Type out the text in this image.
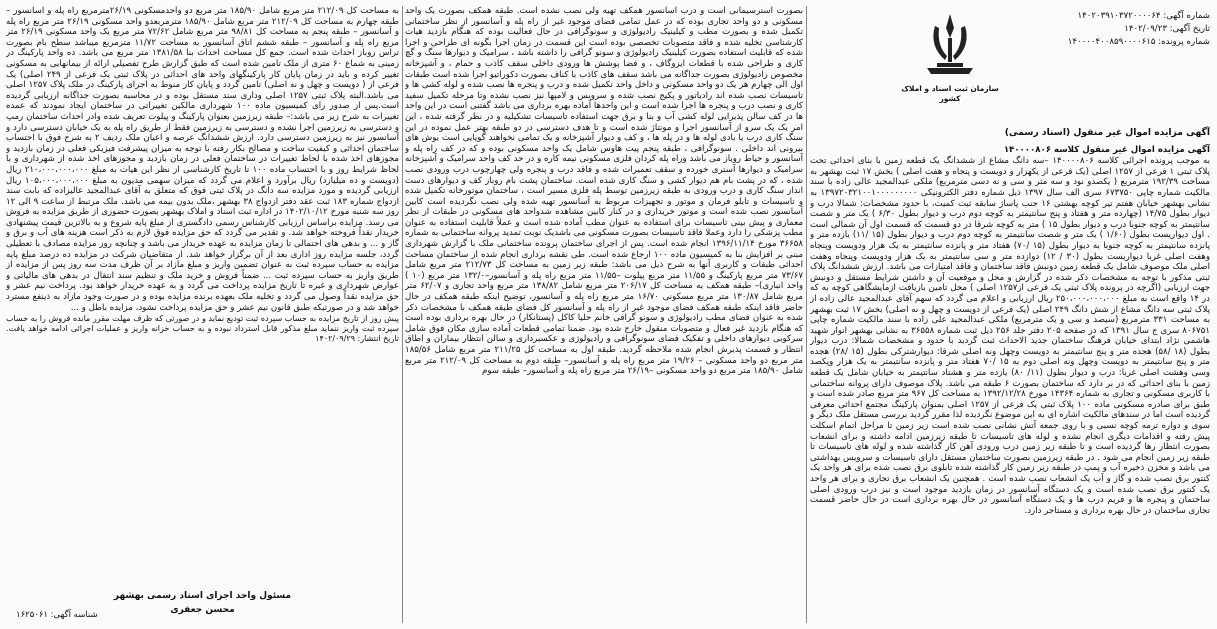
شماره آگهی: ۱۴۰۲۰۳۹۱۰۳۷۲۰۰۰۰۶۴
تاریخ آگهی: ۱۴۰۲/۰۹/۲۳
شماره پرونده: ۱۴۰۰۰۰۴۰۰۸۵۹۰۰۰۰۶۱۵
سازمان ثبت اسناد و املاک کشور
آگهی مزایده اموال غیر منقول (اسناد رسمی)

آگهی مزایده اموال غیر منقول کلاسه ۱۴۰۰۰۰۸۰۶

به موجب پرونده اجرائی کلاسه ۱۴۰۰۰۰۸۰۶ –سه دانگ مشاع از ششدانگ یک قطعه زمین با بنای احداثی تحت پلاک ثبتی ۱ فرعی از ۱۲۵۷ اصلی (یک فرعی از یکهزار و دویست و پنجاه و هفت اصلی ) بخش ۱۷ ثبت بهشهر به مساحت ۱۹۲/۳۹ مترمربع ( یکصدو نود و سه متر و سی و نه دسی مترمربع) ملکی عبدالمجید عالی زاده با سند مالکیت شماره چاپی ۶۷۳۷۵۰ سری الف سال ۱۳۹۷ ذیل شماره دفتر الکترونیکی ۱۳۹۷۲۰۳۲۱۰۰۱۰۰۰۰۰۰۰۰۰ به نشانی بهشهر خیابان هفتم تیر کوچه بهشتی ۱۶ جنب پاساژ سابقه ثبت کمیت، با حدود مشخصات: شمالا درب و دیوار بطول ۱۴/۷۵ (چهارده متر و هفتاد و پنج سانتیمتر به کوچه دوم درب و دیوار بطول ۶/۳۰ ) یک متر و شصت سانتیمتر به کوچه جنوبا درب و دیوار بطول ۱۵ ) متر به کوچه شرقا در دو قسمت که قسمت اول آن شمالی است . اول دیواریست بطول (۱/۶۰ ) یک متر و شصت سانتیمتر به کوچه دوم درب و دیوار بطول (۱۵ /۱۱) یازده متر و پانزده سانتیمتر به کوچه جنوبا به دیوار بطول (۱۵ /۷۰) هفتاد متر و پانزده سانتیمتر به یک هزار ودویست وپنجاه وهفت اصلی غربا دیواریست بطول (۳۰ / ۱۲) دوازده متر و سی سانتیمتر به یک هزار ودویست وپنجاه وهفت اصلی ملک موصوف شامل یک قطعه زمین دونبش فاقد ساختمان و فاقد امتیازات می باشد. ارزش ششدانگ پلاک ثبتی مذکور با توجه به مشخصات ذکر شده در گزارش و محل و موقعیت آن و داشتن شرایط مستقل و دونبش جهت ارزیابی (اگرچه در پرونده پلاک ثبتی یک فرعی از۱۲۵۷ اصلی ) محل تامین بازیافت ازمایشگاهی کوچه به که در ۱۴ واقع است به مبلغ ۲۵۰،۰۰۰،۰۰۰،۰۰۰ ریال ارزیابی و اعلام می گردد که سهم آقای عبدالمجید عالی زاده از پلاک ثبتی سه دانگ مشاع از شش دانگ ۲۴۹ اصلی (یک فرعی از دویست و چهل و نه اصلی) بخش ۱۷ ثبت بهشهر به مساحت ۳۳۱ مترمربع (سیصد و سی و یک مترمربع) ملکی عبدالمجید علی زاده با سند مالکیت شماره چاپی ۸۰۶۷۵۱ سری ج سال ۱۳۹۱ که در صفحه ۲۰۵ دفتر جلد ۲۵۶ ذیل ثبت شماره ۳۶۵۵۸ به نشانی بهشهر انوار شهید هاشمی نژاد ابتدای خیابان فرهنگ ساختمان جدید الاحداث ثبت گردید با حدود و مشخصات شمالا: درب دیوار بطول (۱۸ /۵۸) هجده متر و پنج سانتیمتر به دویست وچهل ونه اصلی شرقا: دیوارشترکی بطول (۱۵ /۲۸) هجده متر و پنج سانتیمتر به دویست وچهل ونه اصلی دوم به ۱۵ /۷۰ هفتاد متر و پانزده سانتیمتر به یک هزار وپکصد وسی وهشت اصلی غربا: درب و دیوار بطول (۱۱/ ۸۰) یازده متر و هشتاد سانتیمتر به خیابان شامل یک قطعه زمین با بنای احداثی که در بر دارد که ساختمان بصورت ۶ طبقه می باشد. پلاک موصوف دارای پروانه ساختمانی با کاربری مسکونی و تجاری به شماره ۱۴۳۶۴ مورخ ۱۳۹۲/۱۲/۲۸ به مساحت کل ۹۶۷ متر مربع صادر شده است و طبق برای صادره مسکونی ماده ۱۰۰ پلاک ثبتی یک فرعی از ۱۲۵۷ اصلی بمنوان پارکینگ مجتمع احداثی معرفی گردیده است اما در سندهای مالکیت اشاره ای به این موضوع نگردیده لذا مقرر گردید بررسی مستقل ملک دیگر و سوی و دواره ترمه کوچه نسبی و با روی جمعه آتش نشانی نصب شده است زیر زمین تا مراحل اتمام اسکلت پیش رفته و اقدامات دیگری انجام نشده و لوله های تاسیسات تا طبقه زیرزمین ادامه داشته و برای انشعاب بصورت انتظار رها گردیده است و تا طبقه زیر زمین درب ورودی آهن کار گذاشته شده و لوله های تاسیسات تا طبقه زیر زمین انجام می شود . در طبقه زیرزمین بصورت ساختمان مستقل دارای تاسیسات و سرویس بهداشتی می باشد و مخزن ذخیره آب و پمپ در طبقه زیر زمین کار گذاشته شده تابلوی برق نصب شده برای هر واحد یک کنتور برق نصب شده و گاز و آب یک انشعاب نصب شده است . همچنین یک انشعاب برق تجاری و برای هر واحد یک کنتور برق نصب شده است و یک دستگاه آسانسور در زمان بازدید موجود است و نیز درب ورودی اصلی ساختمان و پنجره ها و فریم درب ها و یک دستگاه آسانسور در حال بهره برداری است در حال حاضر قسمت تجاری ساختمان در حال بهره برداری و مستاجر دارد.

بصورت آسترسیمانی است و درب آسانسور همکف تهیه ولی نصب نشده است. طبقه همکف بصورت یک واحد مسکونی و دو واحد تجاری بوده که در عمل تمامی فضای موجود غیر از راه پله و آسانسور از نظر ساختمانی تکمیل شده و بصورت مطب و کیلینیک رادیولوژی و سونوگرافی در حال فعالیت بوده که هنگام بازدید هیات کارشناسی تخلیه شده و فاقد متصوبات تخصصی بوده است این قسمت در زمان اجرا بگونه ای طراحی و اجرا شده که قابلیت استفاده بصورت کیلینیک رادیولوژی و سونو گرافی را داشته باشد ، سرامیک و دیوارها سنگ و گچ کاری و طراحی شده با قطعات ایزوگاف ، و فضا پوشش ها ورودی داخلی سقف کاذب و حمام ، و آشپزخانه مخصوص رادیولوژی بصورت جداگانه می باشد سقف های کاذب با کناف بصورت دکوراتیو اجرا شده است طبقات اول الی چهارم هر یک دو واحد مسکونی و داخل واحد تکمیل شده و درب و پنجره ها نصب شده و لوله کشی ها و تاسیسات نصب شده اند رادیاتور و پکیج نصب شده و سرویس و لامپها نیز نصب نشده وتا مرحله تکمیل سفید کاری و نصب درب و پنجره ها اجرا شده است و این واحدها آماده بهره برداری می باشد گفتنی است در این واحد ها در کف سالن پذیرایی لوله کشی آب و بنا و برق جهت استفاده تاسیسات تشکیلیه و در نظر گرفته شده ، این امر یک یک سرو از آسانسور اجرا و مونتاژ شده است و تا هدف دسترسی در دو طبقه بهتر عمل نموده در این سنگ کاری درب یا بادی لوله ها و در پله ها ، و کف و دیوار آشپزخانه و یک تمامی نخواهند گویایی است یوش های بیرونی اند داخلی . سونوگرافی ، طبقه پنجم پیت هاوس شامل یک واحد مسکونی بوده و که در کف راه پله و آسانسور و حیاط روباز می باشد وراه پله کردان فلزی مسکونی نیمه کاره و در حد کف واحد سرامیک و آشپزخانه سرامیک و دیوارها آستری خورده و سقف تعمیرات شده و فاقد درب و پنجره ولی چهارچوب درب ورودی نصب شده ، که در پشت بام هم دیوار کشی و سنگ کاری شده است. ساختمان پشت بام روباز کف و دیوارهای دست انداز سنگ کاری و درب ورودی به طبقه زیرزمین توسط پله فلزی مسیر است ، ساختمان موتورخانه تکمیل شده و تاسیسات و تابلو فرمان و موتور و تجهیزات مربوط به آسانسور تهیه شده ولی نصب نگردیده است کابین آسانسور نصب شده است و موتور خریداری و در کنار کابین مشاهده شدواحد های مسکونی در طبقات از نظر معماری و پیش بینی تاسیسات برای استفاده به عنوان مطب آماده شده است و عملاً قابلیت استفاده به عنوان مطب پزشکی را دارد وعملا فاقد تاسیسات بصورت مسکونی می باشدیک نوبت تمدید پروانه ساختمانی به شماره ۳۶۶۵۸ مورخ ۱۳۹۶/۱۱/۱۴ انجام شده است. پس از اجرای ساختمان پرونده ساختمانی ملک با گزارش شهرداری مبنی بر افزایش بنا به کمیسیون ماده ۱۰۰ ارجاع شده است. طی نقشه برداری انجام شده از ساختمان مساحت احداثی طبقات و کاربری آنها به شرح ذیل می باشد: طبقه زیر زمین به مساحت کل ۲۱۲/۷۳ متر مربع شامل ۷۳/۶۷ متر مربع پارکینگ و ۱۱/۵۵ متر مربع پیلوت –۱۱/۵۵ متر مربع راه پله و آسانسور–۱۳۲/۰ متر مربع (۱۰ ) واحد انباری)– طبقه همکف به مساحت کل ۲۰۶/۱۷ متر مربع شامل ۱۳۸/۸۲ متر مربع واحد تجاری و ۶۲/۰۷ متر مربع شامل ۱۳۰/۸۷ متر مربع مسکونی ۱۶/۷۰ متر مربع راه پله و آسانسور، توضیح اینکه طبقه همکف در حال حاضر فاقد اینکه طبقه همکف فضای موجود غیر از راه پله و آسانسور کل فضای طبقه همکف با مشخصات ذکر شده به عنوان فضای مطب رادیولوژی و سونو گرافی خانم حلیا کاکل (پستانکار) در حال بهره برداری بوده است که هنگام بازدید غیر فعال و متصوبات منقول خارج شده بود. ضمنا تمامی قطعات آماده سازی مکان فوق شامل سرکوبی دیوارهای داخلی و تفکیک فضای سونوگرافی و رادیولوژی و عکسبرداری و سالن انتظار بیماران و اطاق انتظار و قسمت پذیرش انجام شده ملاحظه گردید. طبقه اول به مساحت کل ۲۱۱/۲۵ متر مربع شامل ۱۸۵/۵۶ متر مربع دو واحد مسکونی – ۱۹/۲۶ متر مربع راه پله و آسانسور– طبقه دوم به مساحت کل ۲۱۲/۰۹ متر مربع شامل ۱۸۵/۹۰ متر مربع دو واحد مسکونی –۲۶/۱۹ متر مربع راه پله و آسانسور– طبقه سوم

به مساحت کل ۲۱۲/۰۹ متر مربع شامل ۱۸۵/۹۰ متر مربع دو واحدمسکونی ۲۶/۱۹مترمربع راه پله و آسانسور – طبقه چهارم به مساحت کل ۲۱۲/۰۹ متر مربع شامل ۱۸۵/۹۰ مترمربعدو واحد مسکونی ۲۶/۱۹ متر مربع راه پله و آسانسور – طبقه پنجم به مساحت کل ۹۸/۸۱ متر مربع شامل ۷۲/۶۲ متر مربع یک واحد مسکونی ۲۶/۱۹ متر مربع راه پله و آسانسور – طبقه ششم اتاق آسانسور به مساحت ۱۱/۷۲ مترمربع میباشد سطح بام بصورت تراس روباز احداث شده است. جمع کل مساحت احداث بنا ۱۳۸۱/۵۸ متر مربع می باشد. ده واحد پارکینگ در زمینی به شماع ۶۰ متری از ملک تامین شده است که طبق گزارش طرح تفصیلی ارائه از بیمانهایی به مسکونی تغییر کرده و باید در زمان پایان کار پارکینگهای واحد های احداثی در پلاک ثبتی یک فرعی از ۲۴۹ اصلی) یک فرعی از ( دویست و چهل و نه اصلی) تامین گردد و پایان کار منوط به اجرای پارکینگ در ملک پلاک ۱۲۵۷ اصلی می باشد.البته پلاک ثبتی ۱۲۵۷ اصلی وداری سند مستقل بوده و در محاسبه بصورت جداگانه ارزیابی گردیده است.پس از صدور رای کمیسیون ماده ۱۰۰ شهرداری مالکین تغییراتی در ساختمان ایجاد نمودند که عمده تغییرات به شرح زیر می باشد:– طبقه زیرزمین بعنوان پارکینگ و پیلوت تعریف شده وادر احداث ساختمان رمپ و دسترسی به زیرزمین اجرا نشده و دسترسی به زیرزمین فقط از طریق راه پله به یک خیابان دسترسی دارد و آسانسور نیز به زیرزمین دسترسی دارد. ارزش ششدانگ عرصه و اعیان ملک ردیف ۲ به شرح فوق با احتساب ساختمان احداثی و کیفیت ساخت و مصالح بکار رفته با توجه به میزان پیشرفت فیزیکی فعلی در زمان بازدید و مجوزهای اخذ شده با لحاظ تغییرات در ساختمان فعلی در زمان بازدید و مجوزهای اخذ شده از شهرداری و با لحاظ شرایط روز و با احتساب ماده ۱۰۰ تا تاریخ کارشناسی از نظر این هیات به مبلغ ۲۱۰،۰۰۰،۰۰۰،۰۰۰ ریال (دویست و ده میلیارد) ریال برآورد و اعلام می گردد که میزان سهمی مدیون به مبلغ ۱۰۵،۰۰۰،۰۰۰،۰۰۰ ریال ارزیابی گردیده و مورد مزایده سه دانگ در پلاک ثبتی فوق که متعلق به آقای عبدالمجید عالیزاده که بابت سند ازدواج شماره ۱۸۳ ثبت عقد دفتر ازدواج ۳۸ بهشهر ،ملک بدون بیمه می باشد. ملک مرتبط از ساعت ۹ الی ۱۲ روز سه شنبه مورخ ۱۴۰۲/۱۰/۱۲ در اداره ثبت اسناد و املاک بهشهر بصورت حضوری از طریق مزایده به فروش می رسد. مزایده براساس ارزیابی کارشناس رسمی دادگستری از مبلغ پایه شروع و به بالاترین قیمت پیشنهادی خریدار نقداً فروخته خواهد شد. و تقدیر می گردد که حق مزایده فوق لازم به ذکر است هزینه های آب و برق و گاز و ... و بدهی های احتمالی تا زمان مزایده به عهده خریدار می باشد و چنانچه روز مزایده مصادف با تعطیلی گردد، جلسه مزایده روز اداری بعد از آن برگزار خواهد شد. از متقاضیان شرکت در مزایده ده درصد مبلغ پایه مزایده به حساب سپرده ثبت به عنوان تضمین واریز و مبلغ مازاد بر آن ظرف مدت سه روز پس از مزایده از طریق واریز به حساب سپرده ثبت ... ضمناً فروش و خرید ملک و تنظیم سند انتقال در بدهی های مالیاتی و عوارض شهرداری و غیره تا تاریخ مزایده پرداخت می گردد و به عهده خریدار خواهد بود. پرداخت نیم عشر و حق مزایده نقداً وصول می گردد و تخلیه ملک بعهده برنده مزایده بوده و در صورت وجود مازاد به ذینفع مسترد خواهد شد و در صورتیکه طبق قانون نیم عشر و حق مزایده پرداخت نشود، مزایده باطل و ...

پیش روز از تاریخ مزایده به حساب سپرده ثبت تودیع نماید و در صورتی که ظرف مهلت مقرر مانده فروش را به حساب سپرده ثبت واریز ننماید مبلغ مذکور قابل استرداد نبوده و به حساب خزانه واریز و عملیات اجرائی ادامه خواهد یافت. تاریخ انتشار: ۱۴۰۲/۰۹/۲۹

مسئول واحد اجرای اسناد رسمی بهشهر
محسن جعفری
شناسه آگهی: ۱۶۲۵۰۶۱
